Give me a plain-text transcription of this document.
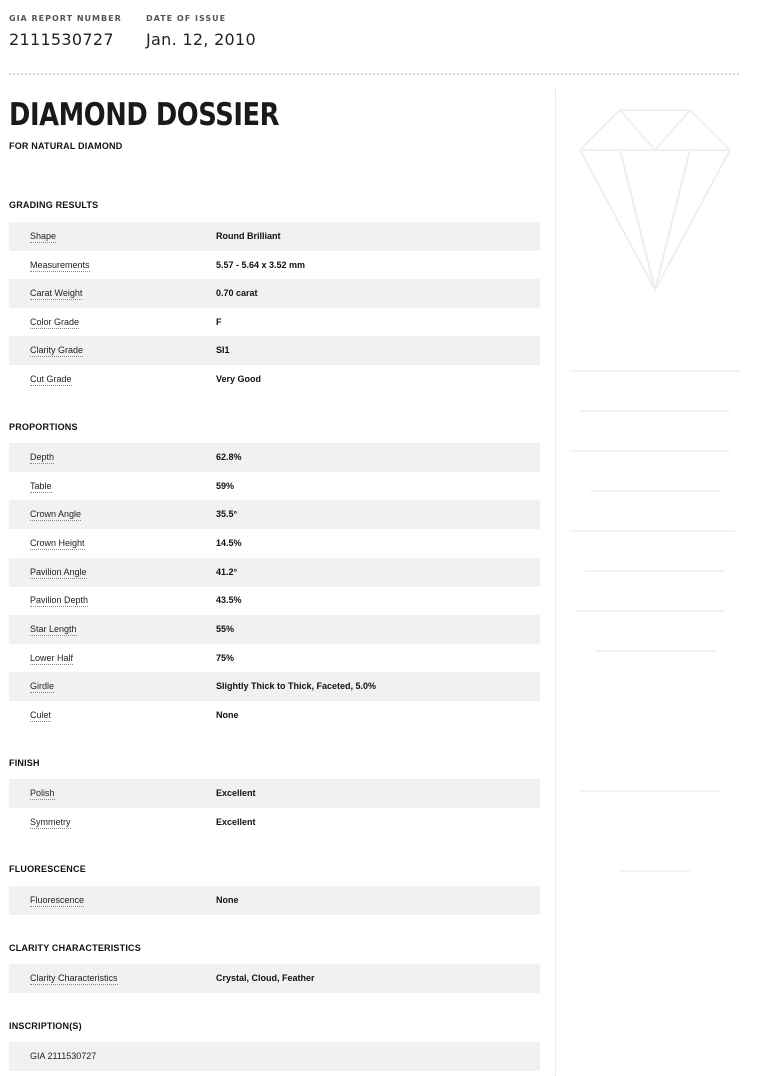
GIA REPORT NUMBER
2111530727
DATE OF ISSUE
Jan. 12, 2010
DIAMOND DOSSIER
FOR NATURAL DIAMOND
GRADING RESULTS
Shape	Round Brilliant
Measurements	5.57 - 5.64 x 3.52 mm
Carat Weight	0.70 carat
Color Grade	F
Clarity Grade	SI1
Cut Grade	Very Good
PROPORTIONS
Depth	62.8%
Table	59%
Crown Angle	35.5°
Crown Height	14.5%
Pavilion Angle	41.2°
Pavilion Depth	43.5%
Star Length	55%
Lower Half	75%
Girdle	Slightly Thick to Thick, Faceted, 5.0%
Culet	None
FINISH
Polish	Excellent
Symmetry	Excellent
FLUORESCENCE
Fluorescence	None
CLARITY CHARACTERISTICS
Clarity Characteristics	Crystal, Cloud, Feather
INSCRIPTION(S)
GIA 2111530727
